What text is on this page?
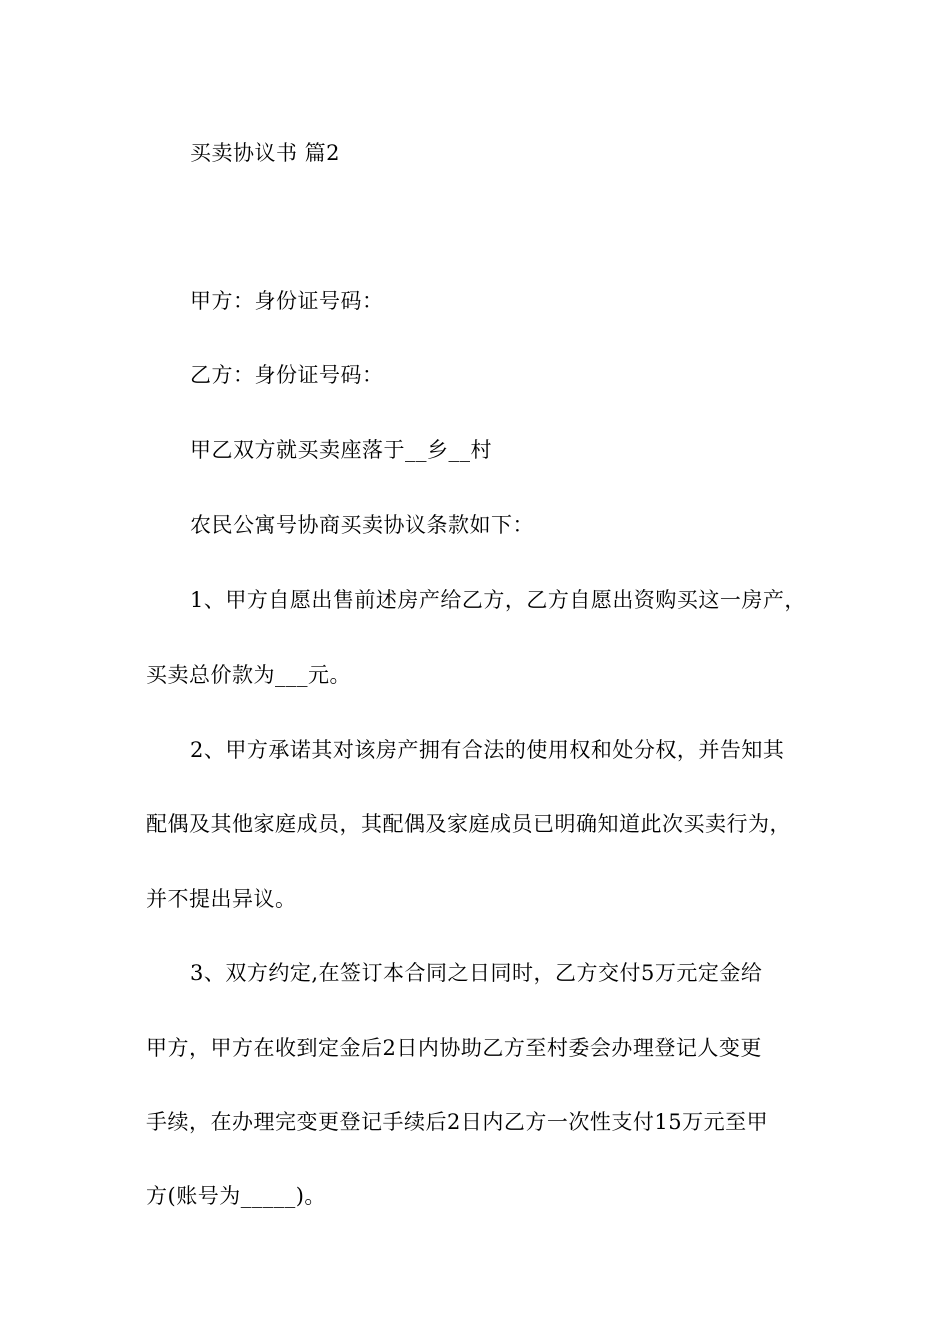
买卖协议书 篇2
甲方：身份证号码：
乙方：身份证号码：
甲乙双方就买卖座落于__乡__村
农民公寓号协商买卖协议条款如下：
1、甲方自愿出售前述房产给乙方，乙方自愿出资购买这一房产，
买卖总价款为___元。
2、甲方承诺其对该房产拥有合法的使用权和处分权，并告知其
配偶及其他家庭成员，其配偶及家庭成员已明确知道此次买卖行为，
并不提出异议。
3、双方约定,在签订本合同之日同时，乙方交付5万元定金给
甲方，甲方在收到定金后2日内协助乙方至村委会办理登记人变更
手续，在办理完变更登记手续后2日内乙方一次性支付15万元至甲
方(账号为_____)。
